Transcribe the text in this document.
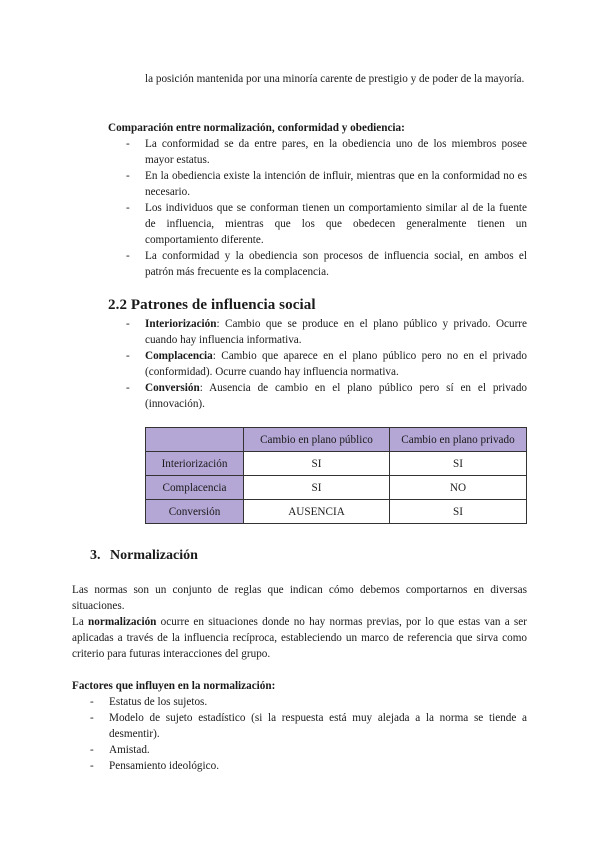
la posición mantenida por una minoría carente de prestigio y de poder de la mayoría.

Comparación entre normalización, conformidad y obediencia:

- La conformidad se da entre pares, en la obediencia uno de los miembros posee mayor estatus.
- En la obediencia existe la intención de influir, mientras que en la conformidad no es necesario.
- Los individuos que se conforman tienen un comportamiento similar al de la fuente de influencia, mientras que los que obedecen generalmente tienen un comportamiento diferente.
- La conformidad y la obediencia son procesos de influencia social, en ambos el patrón más frecuente es la complacencia.
2.2 Patrones de influencia social
- Interiorización: Cambio que se produce en el plano público y privado. Ocurre cuando hay influencia informativa.
- Complacencia: Cambio que aparece en el plano público pero no en el privado (conformidad). Ocurre cuando hay influencia normativa.
- Conversión: Ausencia de cambio en el plano público pero sí en el privado (innovación).
	Cambio en plano público	Cambio en plano privado
Interiorización	SI	SI
Complacencia	SI	NO
Conversión	AUSENCIA	SI
3. Normalización

Las normas son un conjunto de reglas que indican cómo debemos comportarnos en diversas situaciones.

La normalización ocurre en situaciones donde no hay normas previas, por lo que estas van a ser aplicadas a través de la influencia recíproca, estableciendo un marco de referencia que sirva como criterio para futuras interacciones del grupo.

Factores que influyen en la normalización:

- Estatus de los sujetos.
- Modelo de sujeto estadístico (si la respuesta está muy alejada a la norma se tiende a desmentir).
- Amistad.
- Pensamiento ideológico.
